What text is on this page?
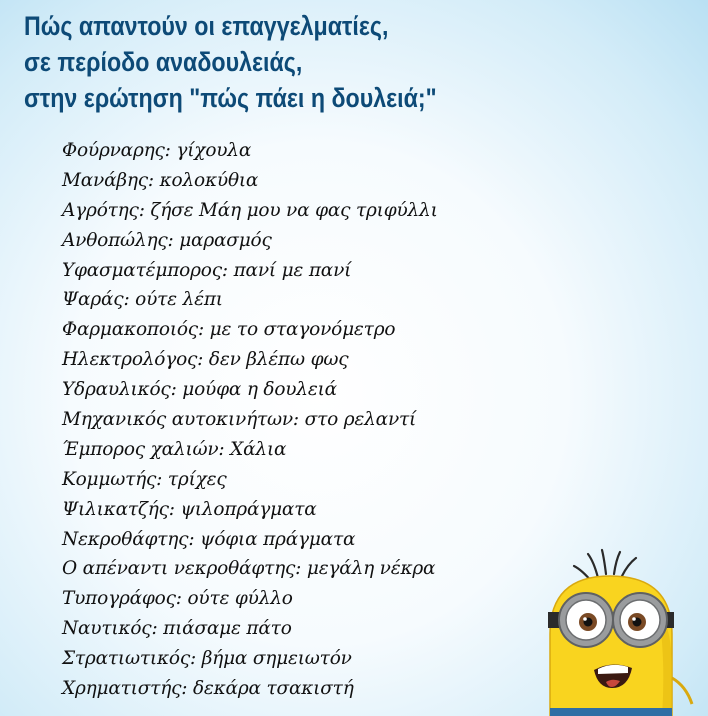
Πώς απαντούν οι επαγγελματίες,
σε περίοδο αναδουλειάς,
στην ερώτηση "πώς πάει η δουλειά;"
Φούρναρης: γίχουλα
Μανάβης: κολοκύθια
Αγρότης: ζήσε Μάη μου να φας τριφύλλι
Ανθοπώλης: μαρασμός
Υφασματέμπορος: πανί με πανί
Ψαράς: ούτε λέπι
Φαρμακοποιός: με το σταγονόμετρο
Ηλεκτρολόγος: δεν βλέπω φως
Υδραυλικός: μούφα η δουλειά
Μηχανικός αυτοκινήτων: στο ρελαντί
Έμπορος χαλιών: Χάλια
Κομμωτής: τρίχες
Ψιλικατζής: ψιλοπράγματα
Νεκροθάφτης: ψόφια πράγματα
Ο απέναντι νεκροθάφτης: μεγάλη νέκρα
Τυπογράφος: ούτε φύλλο
Ναυτικός: πιάσαμε πάτο
Στρατιωτικός: βήμα σημειωτόν
Χρηματιστής: δεκάρα τσακιστή
